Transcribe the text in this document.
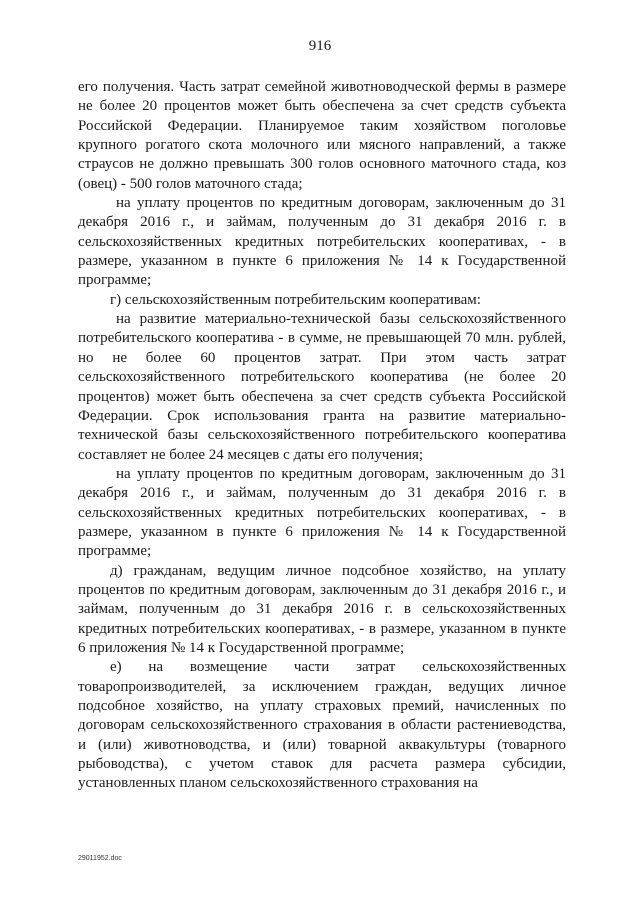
916

его получения. Часть затрат семейной животноводческой фермы в размере не более 20 процентов может быть обеспечена за счет средств субъекта Российской Федерации. Планируемое таким хозяйством поголовье крупного рогатого скота молочного или мясного направлений, а также страусов не должно превышать 300 голов основного маточного стада, коз (овец) - 500 голов маточного стада;

на уплату процентов по кредитным договорам, заключенным до 31 декабря 2016 г., и займам, полученным до 31 декабря 2016 г. в сельскохозяйственных кредитных потребительских кооперативах, - в размере, указанном в пункте 6 приложения № 14 к Государственной программе;

г) сельскохозяйственным потребительским кооперативам:

на развитие материально-технической базы сельскохозяйственного потребительского кооператива - в сумме, не превышающей 70 млн. рублей, но не более 60 процентов затрат. При этом часть затрат сельскохозяйственного потребительского кооператива (не более 20 процентов) может быть обеспечена за счет средств субъекта Российской Федерации. Срок использования гранта на развитие материально-технической базы сельскохозяйственного потребительского кооператива составляет не более 24 месяцев с даты его получения;

на уплату процентов по кредитным договорам, заключенным до 31 декабря 2016 г., и займам, полученным до 31 декабря 2016 г. в сельскохозяйственных кредитных потребительских кооперативах, - в размере, указанном в пункте 6 приложения № 14 к Государственной программе;

д) гражданам, ведущим личное подсобное хозяйство, на уплату процентов по кредитным договорам, заключенным до 31 декабря 2016 г., и займам, полученным до 31 декабря 2016 г. в сельскохозяйственных кредитных потребительских кооперативах, - в размере, указанном в пункте 6 приложения № 14 к Государственной программе;

е) на возмещение части затрат сельскохозяйственных товаропроизводителей, за исключением граждан, ведущих личное подсобное хозяйство, на уплату страховых премий, начисленных по договорам сельскохозяйственного страхования в области растениеводства, и (или) животноводства, и (или) товарной аквакультуры (товарного рыбоводства), с учетом ставок для расчета размера субсидии, установленных планом сельскохозяйственного страхования на

29011952.doc
